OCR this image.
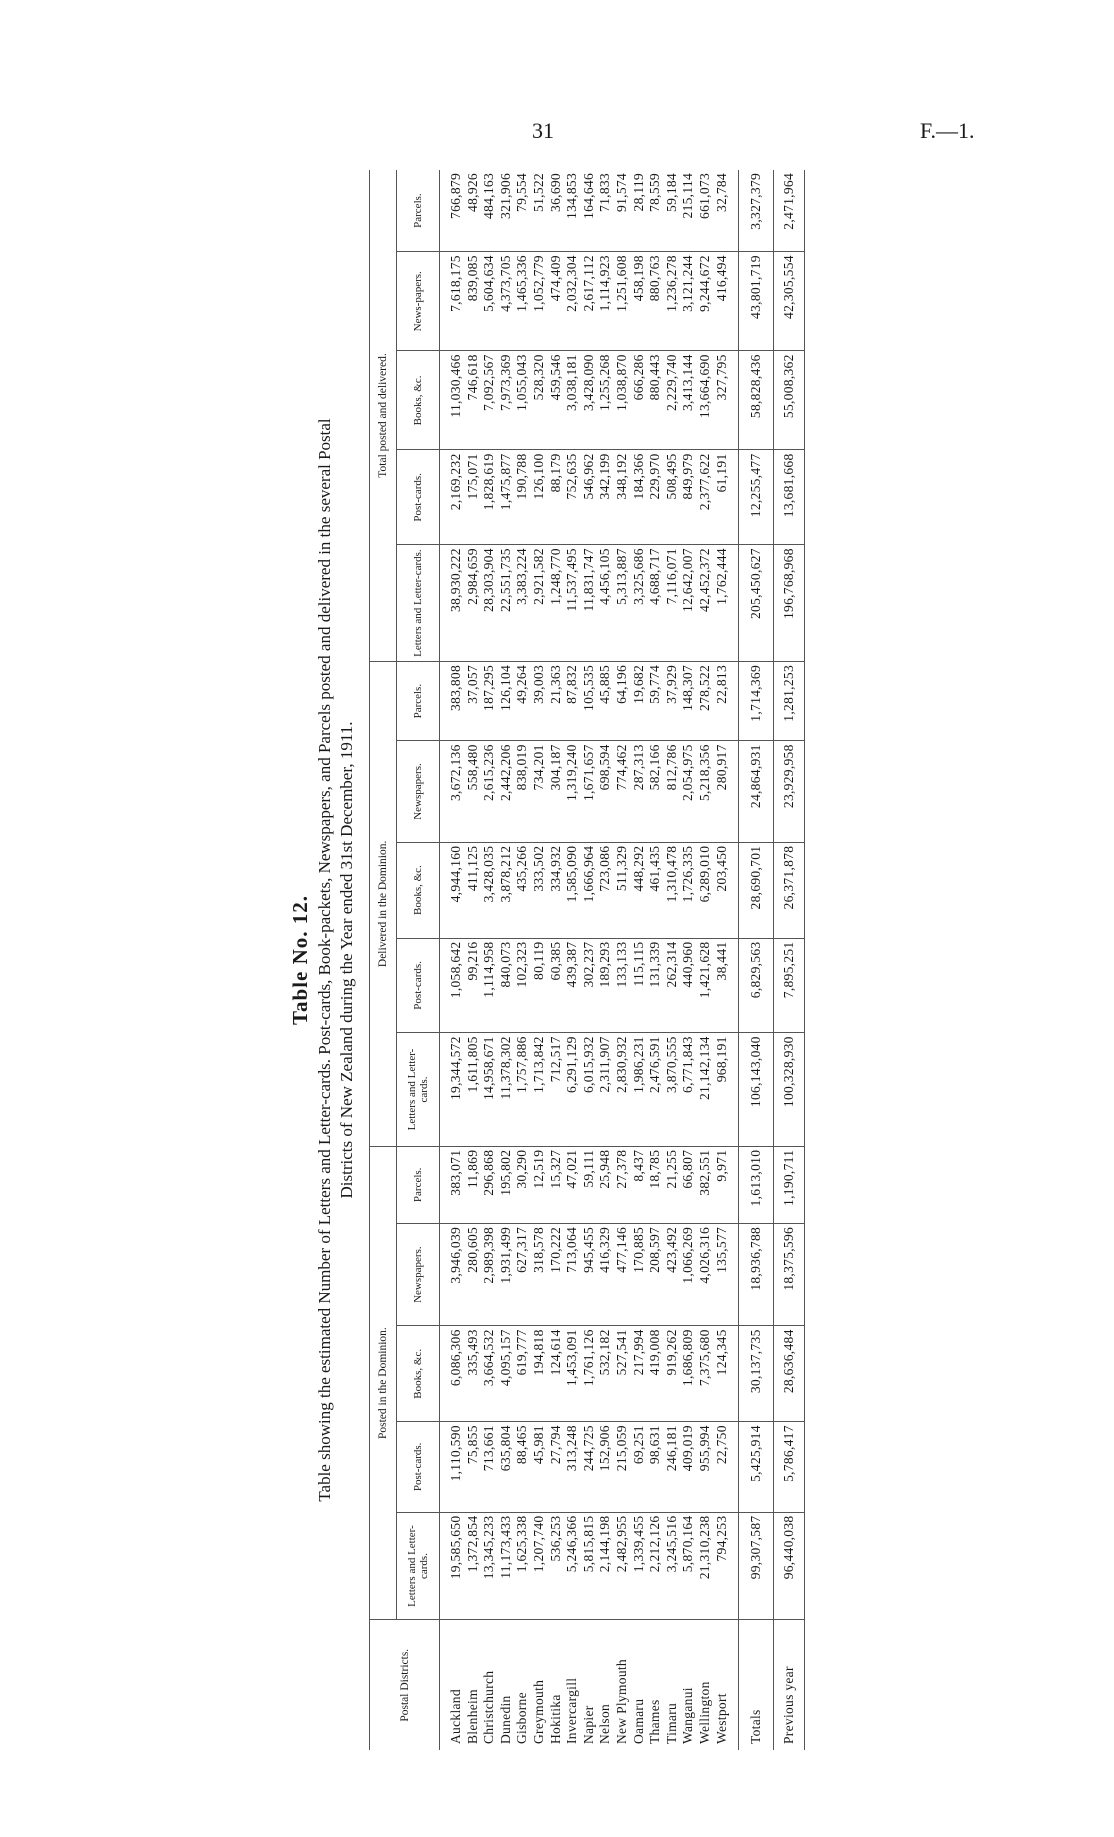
31	F.—1.
Table No. 12. Table showing the estimated Number of Letters and Letter-cards. Post-cards, Book-packets, Newspapers, and Parcels posted and delivered in the several Postal Districts of New Zealand during the Year ended 31st December, 1911.
Postal Districts.	Posted in the Dominion.					Delivered in the Dominion.					Total posted and delivered.				
	Letters and Letter-cards.	Post-cards.	Books, &c.	Newspapers.	Parcels.	Letters and Letter-cards.	Post-cards.	Books, &c.	Newspapers.	Parcels.	Letters and Letter-cards.	Post-cards.	Books, &c.	News-papers.	Parcels.
Auckland	19,585,650	1,110,590	6,086,306	3,946,039	383,071	19,344,572	1,058,642	4,944,160	3,672,136	383,808	38,930,222	2,169,232	11,030,466	7,618,175	766,879
Blenheim	1,372,854	75,855	335,493	280,605	11,869	1,611,805	99,216	411,125	558,480	37,057	2,984,659	175,071	746,618	839,085	48,926
Christchurch	13,345,233	713,661	3,664,532	2,989,398	296,868	14,958,671	1,114,958	3,428,035	2,615,236	187,295	28,303,904	1,828,619	7,092,567	5,604,634	484,163
Dunedin	11,173,433	635,804	4,095,157	1,931,499	195,802	11,378,302	840,073	3,878,212	2,442,206	126,104	22,551,735	1,475,877	7,973,369	4,373,705	321,906
Gisborne	1,625,338	88,465	619,777	627,317	30,290	1,757,886	102,323	435,266	838,019	49,264	3,383,224	190,788	1,055,043	1,465,336	79,554
Greymouth	1,207,740	45,981	194,818	318,578	12,519	1,713,842	80,119	333,502	734,201	39,003	2,921,582	126,100	528,320	1,052,779	51,522
Hokitika	536,253	27,794	124,614	170,222	15,327	712,517	60,385	334,932	304,187	21,363	1,248,770	88,179	459,546	474,409	36,690
Invercargill	5,246,366	313,248	1,453,091	713,064	47,021	6,291,129	439,387	1,585,090	1,319,240	87,832	11,537,495	752,635	3,038,181	2,032,304	134,853
Napier	5,815,815	244,725	1,761,126	945,455	59,111	6,015,932	302,237	1,666,964	1,671,657	105,535	11,831,747	546,962	3,428,090	2,617,112	164,646
Nelson	2,144,198	152,906	532,182	416,329	25,948	2,311,907	189,293	723,086	698,594	45,885	4,456,105	342,199	1,255,268	1,114,923	71,833
New Plymouth	2,482,955	215,059	527,541	477,146	27,378	2,830,932	133,133	511,329	774,462	64,196	5,313,887	348,192	1,038,870	1,251,608	91,574
Oamaru	1,339,455	69,251	217,994	170,885	8,437	1,986,231	115,115	448,292	287,313	19,682	3,325,686	184,366	666,286	458,198	28,119
Thames	2,212,126	98,631	419,008	208,597	18,785	2,476,591	131,339	461,435	582,166	59,774	4,688,717	229,970	880,443	880,763	78,559
Timaru	3,245,516	246,181	919,262	423,492	21,255	3,870,555	262,314	1,310,478	812,786	37,929	7,116,071	508,495	2,229,740	1,236,278	59,184
Wanganui	5,870,164	409,019	1,686,809	1,066,269	66,807	6,771,843	440,960	1,726,335	2,054,975	148,307	12,642,007	849,979	3,413,144	3,121,244	215,114
Wellington	21,310,238	955,994	7,375,680	4,026,316	382,551	21,142,134	1,421,628	6,289,010	5,218,356	278,522	42,452,372	2,377,622	13,664,690	9,244,672	661,073
Westport	794,253	22,750	124,345	135,577	9,971	968,191	38,441	203,450	280,917	22,813	1,762,444	61,191	327,795	416,494	32,784
Totals	99,307,587	5,425,914	30,137,735	18,936,788	1,613,010	106,143,040	6,829,563	28,690,701	24,864,931	1,714,369	205,450,627	12,255,477	58,828,436	43,801,719	3,327,379
Previous year	96,440,038	5,786,417	28,636,484	18,375,596	1,190,711	100,328,930	7,895,251	26,371,878	23,929,958	1,281,253	196,768,968	13,681,668	55,008,362	42,305,554	2,471,964
